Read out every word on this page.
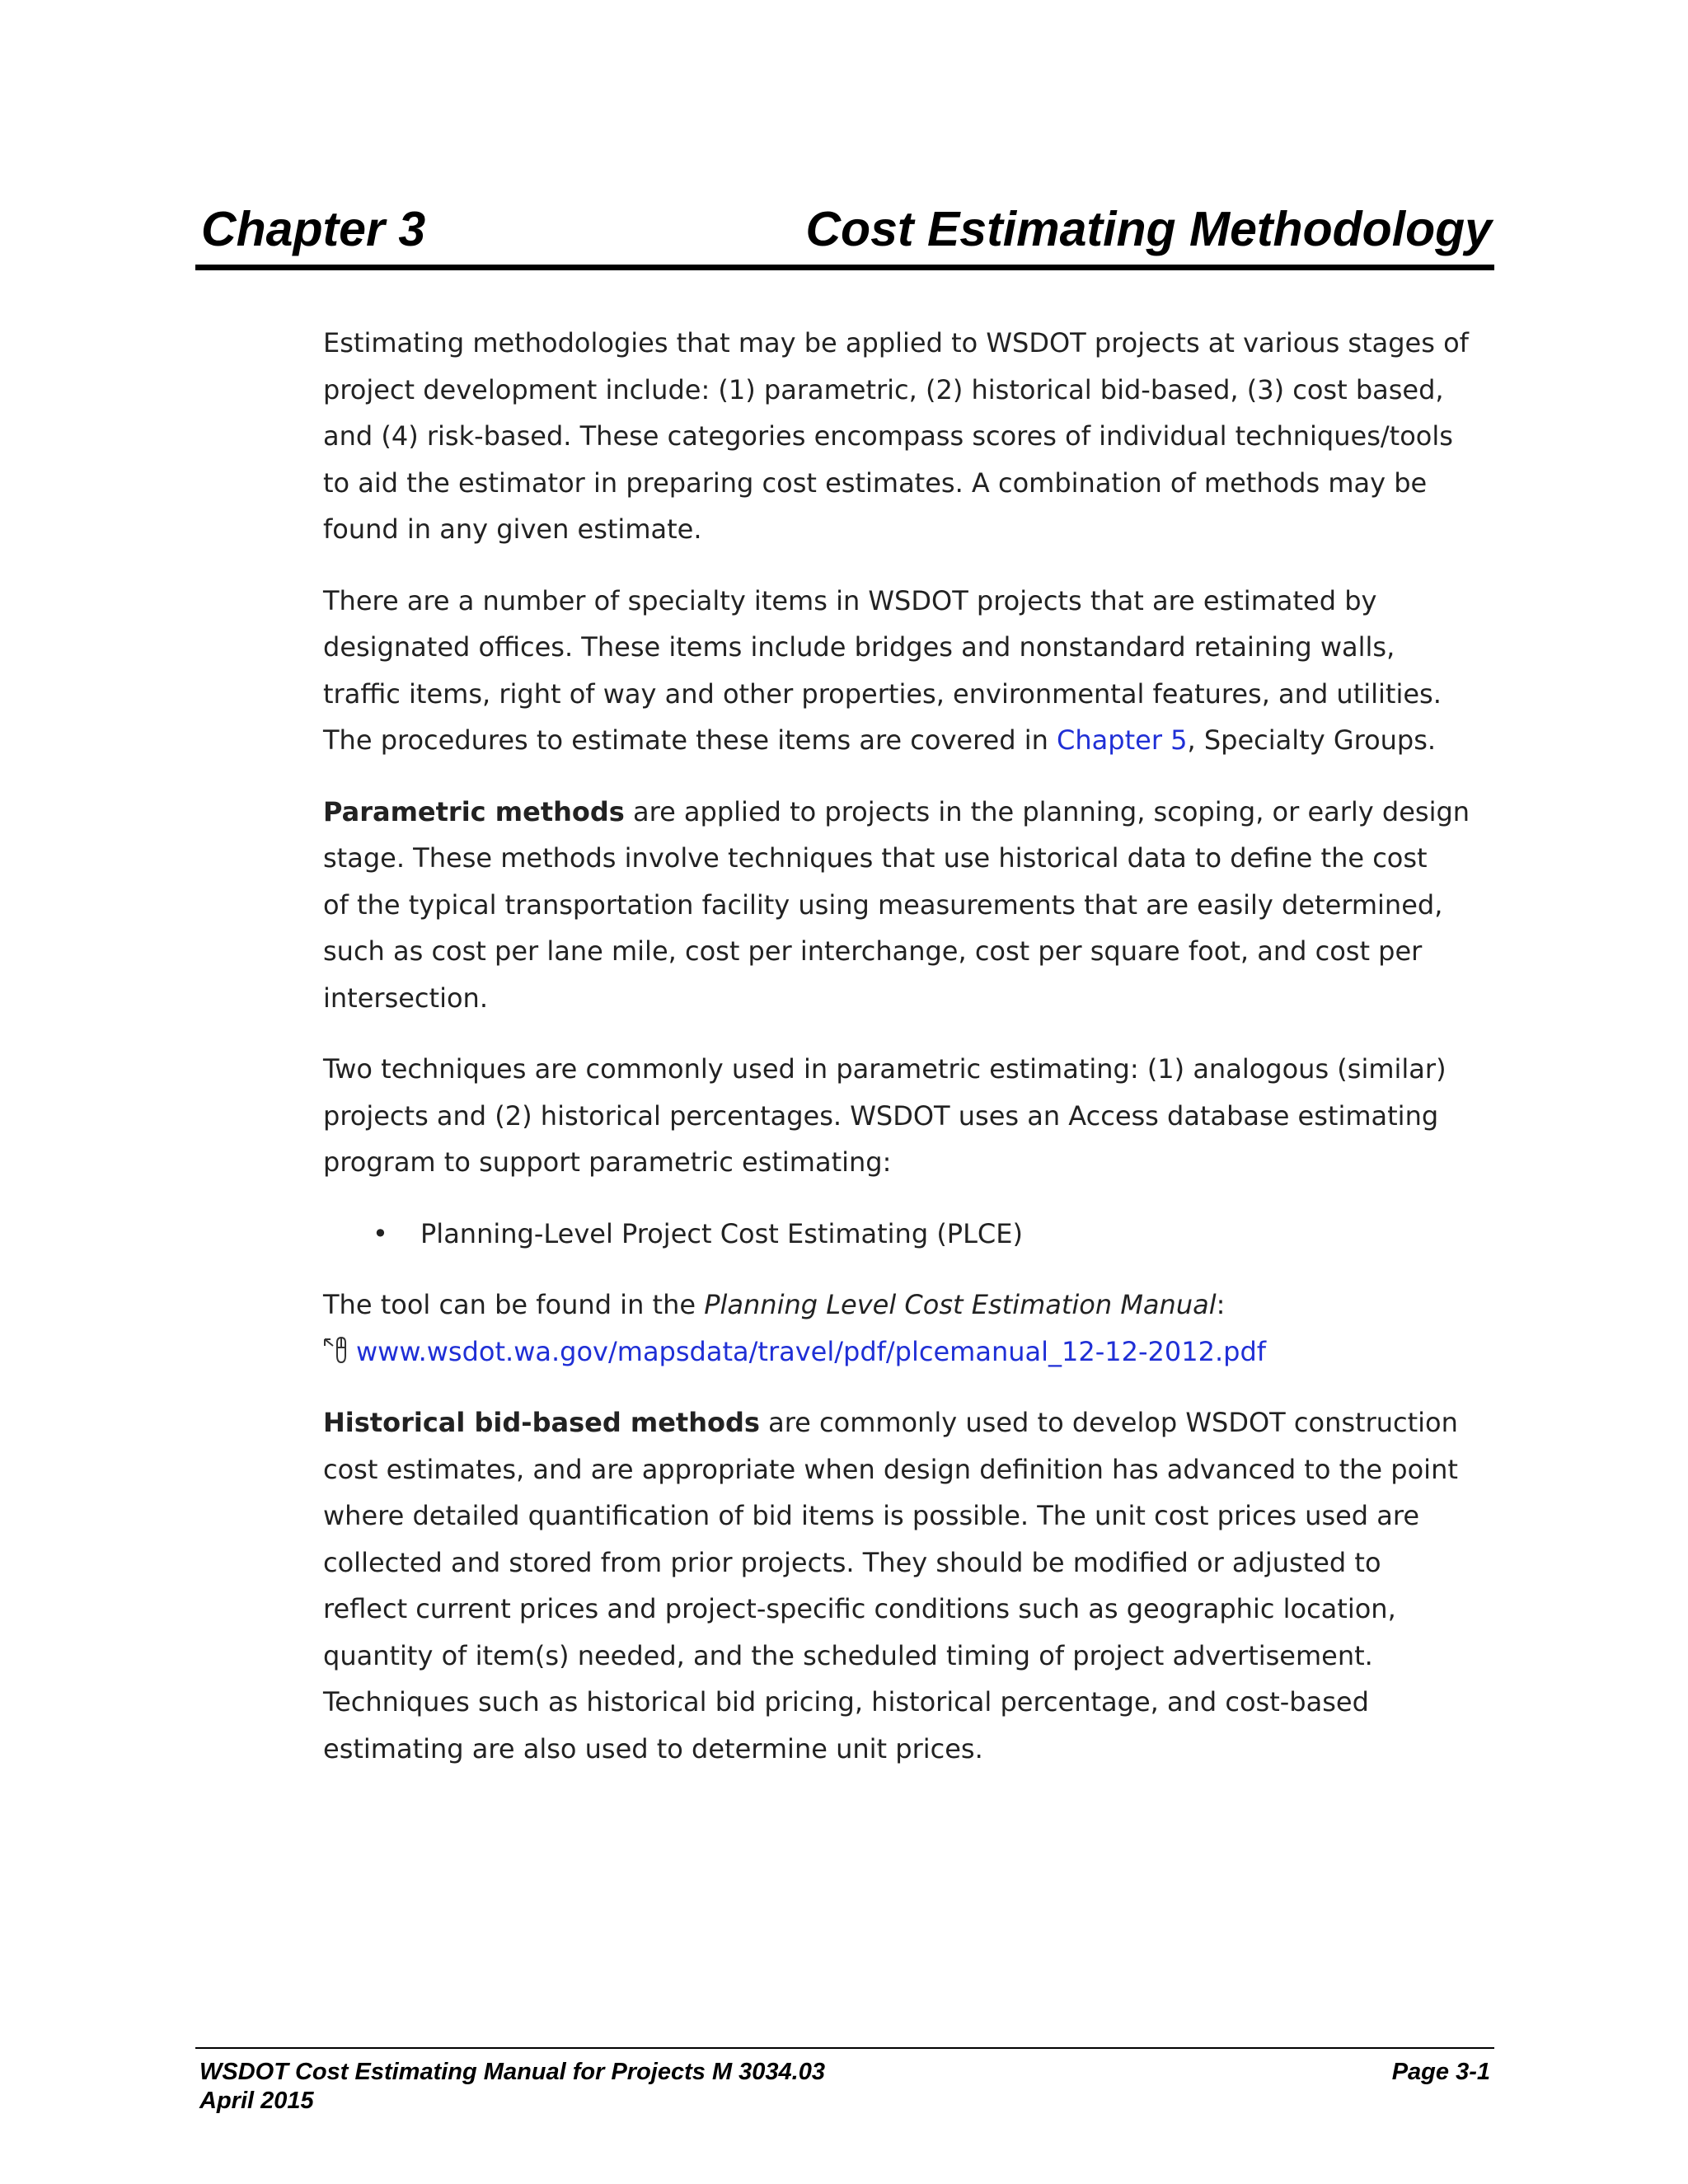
Chapter 3	Cost Estimating Methodology

Estimating methodologies that may be applied to WSDOT projects at various stages of
project development include: (1) parametric, (2) historical bid-based, (3) cost based,
and (4) risk-based. These categories encompass scores of individual techniques/tools
to aid the estimator in preparing cost estimates. A combination of methods may be
found in any given estimate.

There are a number of specialty items in WSDOT projects that are estimated by
designated offices. These items include bridges and nonstandard retaining walls,
traffic items, right of way and other properties, environmental features, and utilities.
The procedures to estimate these items are covered in Chapter 5, Specialty Groups.

Parametric methods are applied to projects in the planning, scoping, or early design
stage. These methods involve techniques that use historical data to define the cost
of the typical transportation facility using measurements that are easily determined,
such as cost per lane mile, cost per interchange, cost per square foot, and cost per
intersection.

Two techniques are commonly used in parametric estimating: (1) analogous (similar)
projects and (2) historical percentages. WSDOT uses an Access database estimating
program to support parametric estimating:

• Planning-Level Project Cost Estimating (PLCE)

The tool can be found in the Planning Level Cost Estimation Manual:
www.wsdot.wa.gov/mapsdata/travel/pdf/plcemanual_12-12-2012.pdf

Historical bid-based methods are commonly used to develop WSDOT construction
cost estimates, and are appropriate when design definition has advanced to the point
where detailed quantification of bid items is possible. The unit cost prices used are
collected and stored from prior projects. They should be modified or adjusted to
reflect current prices and project-specific conditions such as geographic location,
quantity of item(s) needed, and the scheduled timing of project advertisement.
Techniques such as historical bid pricing, historical percentage, and cost-based
estimating are also used to determine unit prices.

WSDOT Cost Estimating Manual for Projects M 3034.03
April 2015
Page 3-1
